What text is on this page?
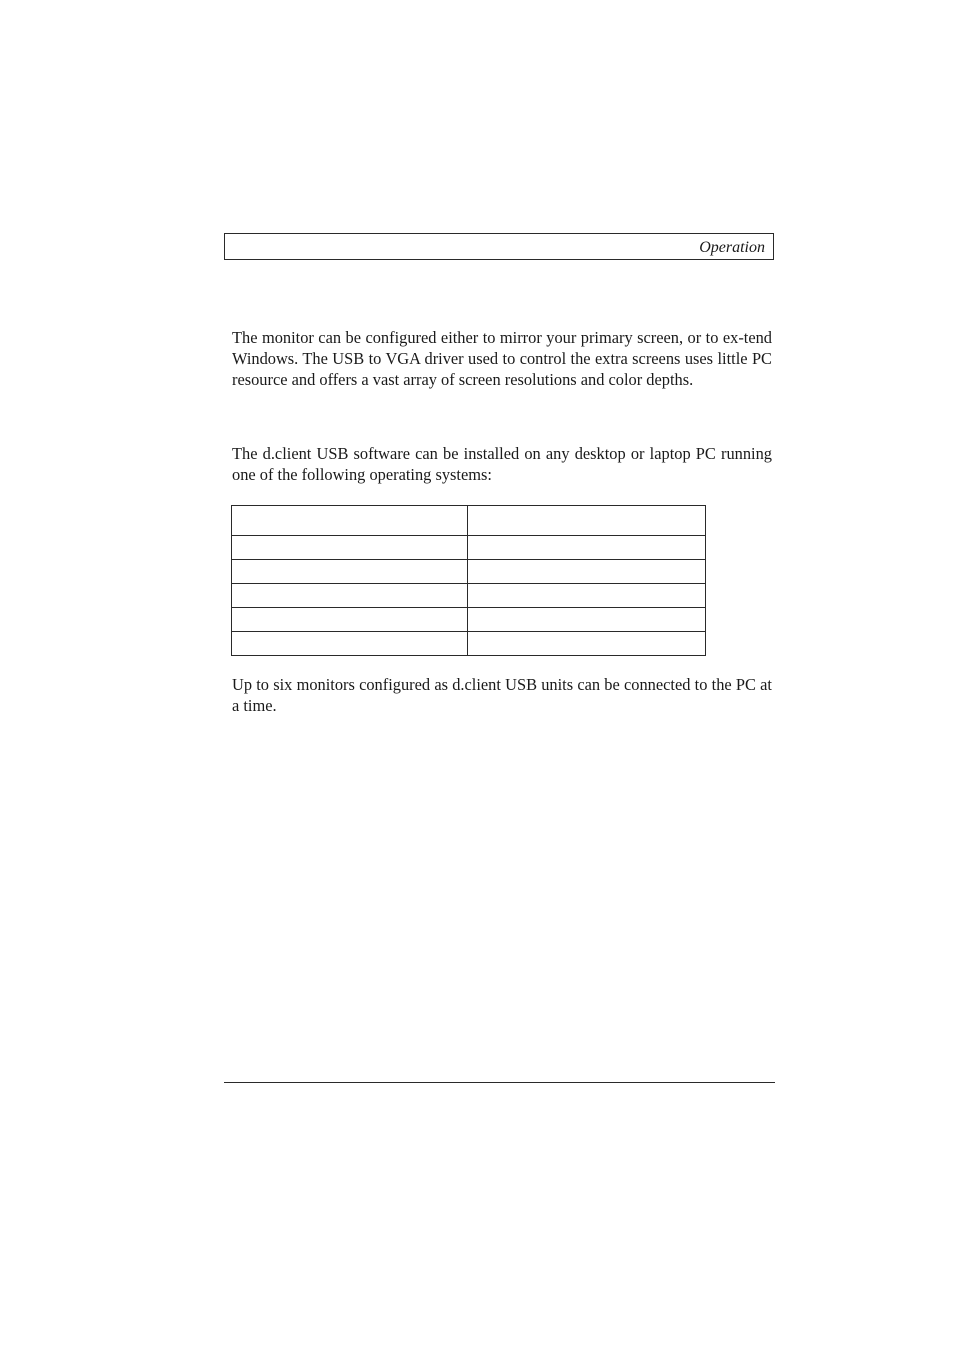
Operation

The monitor can be configured either to mirror your primary screen, or to ex-tend Windows. The USB to VGA driver used to control the extra screens uses little PC resource and offers a vast array of screen resolutions and color depths.

The d.client USB software can be installed on any desktop or laptop PC running one of the following operating systems:

Up to six monitors configured as d.client USB units can be connected to the PC at a time.
